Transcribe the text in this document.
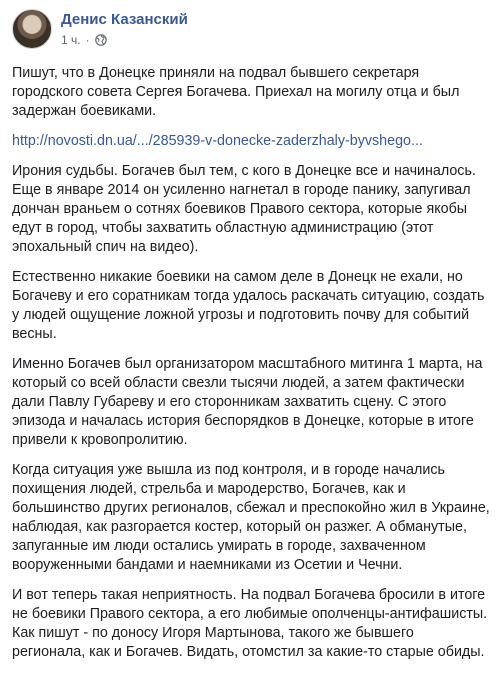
Денис Казанский
1 ч. ·

Пишут, что в Донецке приняли на подвал бывшего секретаря городского совета Сергея Богачева. Приехал на могилу отца и был задержан боевиками.

http://novosti.dn.ua/.../285939-v-donecke-zaderzhaly-byvshego...

Ирония судьбы. Богачев был тем, с кого в Донецке все и начиналось. Еще в январе 2014 он усиленно нагнетал в городе панику, запугивал дончан враньем о сотнях боевиков Правого сектора, которые якобы едут в город, чтобы захватить областную администрацию (этот эпохальный спич на видео).

Естественно никакие боевики на самом деле в Донецк не ехали, но Богачеву и его соратникам тогда удалось раскачать ситуацию, создать у людей ощущение ложной угрозы и подготовить почву для событий весны.

Именно Богачев был организатором масштабного митинга 1 марта, на который со всей области свезли тысячи людей, а затем фактически дали Павлу Губареву и его сторонникам захватить сцену. С этого эпизода и началась история беспорядков в Донецке, которые в итоге привели к кровопролитию.

Когда ситуация уже вышла из под контроля, и в городе начались похищения людей, стрельба и мародерство, Богачев, как и большинство других регионалов, сбежал и преспокойно жил в Украине, наблюдая, как разгорается костер, который он разжег. А обманутые, запуганные им люди остались умирать в городе, захваченном вооруженными бандами и наемниками из Осетии и Чечни.

И вот теперь такая неприятность. На подвал Богачева бросили в итоге не боевики Правого сектора, а его любимые ополченцы-антифашисты. Как пишут - по доносу Игоря Мартынова, такого же бывшего регионала, как и Богачев. Видать, отомстил за какие-то старые обиды.
